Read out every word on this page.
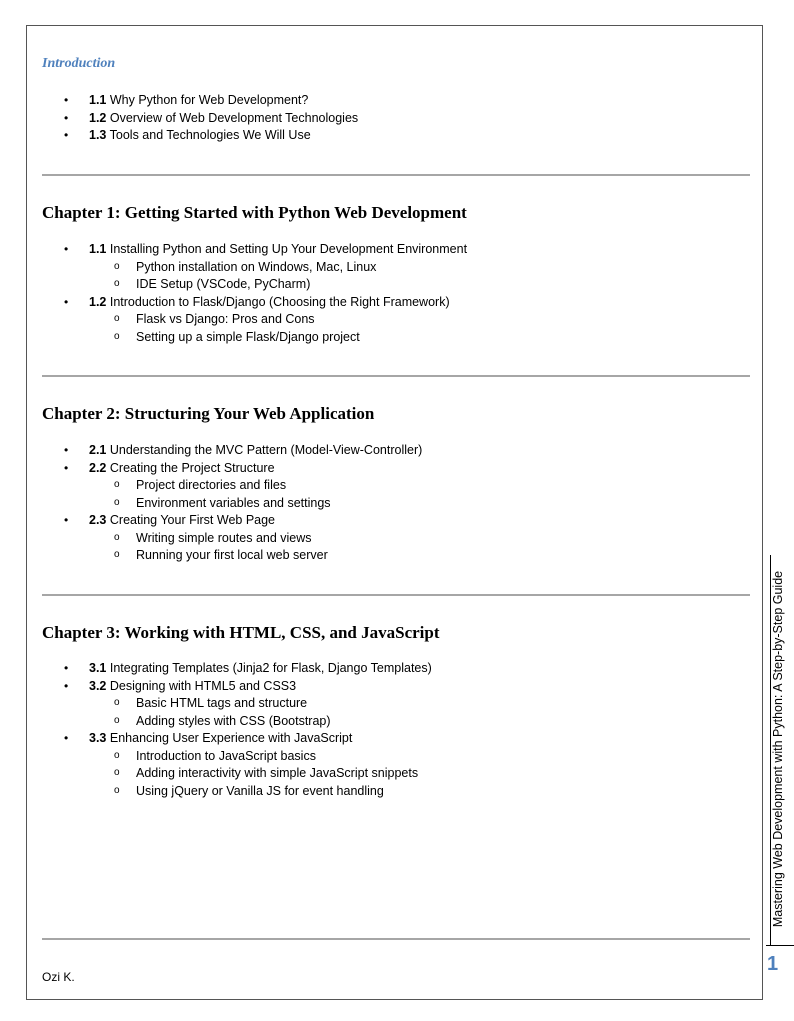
Introduction
• 1.1 Why Python for Web Development?
• 1.2 Overview of Web Development Technologies
• 1.3 Tools and Technologies We Will Use
Chapter 1: Getting Started with Python Web Development
• 1.1 Installing Python and Setting Up Your Development Environment
o Python installation on Windows, Mac, Linux
o IDE Setup (VSCode, PyCharm)
• 1.2 Introduction to Flask/Django (Choosing the Right Framework)
o Flask vs Django: Pros and Cons
o Setting up a simple Flask/Django project
Chapter 2: Structuring Your Web Application
• 2.1 Understanding the MVC Pattern (Model-View-Controller)
• 2.2 Creating the Project Structure
o Project directories and files
o Environment variables and settings
• 2.3 Creating Your First Web Page
o Writing simple routes and views
o Running your first local web server
Chapter 3: Working with HTML, CSS, and JavaScript
• 3.1 Integrating Templates (Jinja2 for Flask, Django Templates)
• 3.2 Designing with HTML5 and CSS3
o Basic HTML tags and structure
o Adding styles with CSS (Bootstrap)
• 3.3 Enhancing User Experience with JavaScript
o Introduction to JavaScript basics
o Adding interactivity with simple JavaScript snippets
o Using jQuery or Vanilla JS for event handling
Ozi K.
Mastering Web Development with Python: A Step-by-Step Guide
1
